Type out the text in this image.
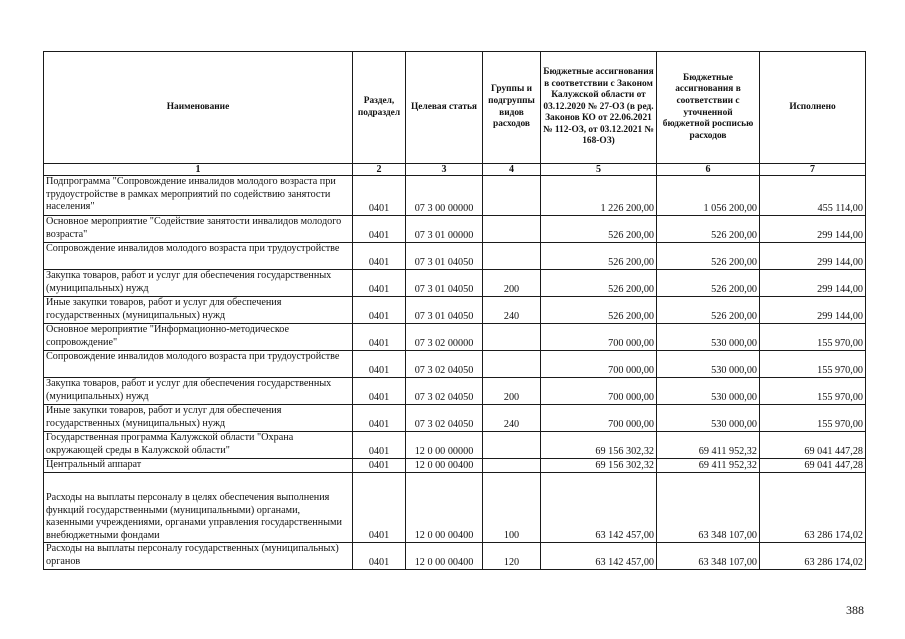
Наименование	Раздел, подраздел	Целевая статья	Группы и подгруппы видов расходов	Бюджетные ассигнования в соответствии с Законом Калужской области от 03.12.2020 № 27-ОЗ (в ред. Законов КО от 22.06.2021 № 112-ОЗ, от 03.12.2021 № 168-ОЗ)	Бюджетные ассигнования в соответствии с уточненной бюджетной росписью расходов	Исполнено
1	2	3	4	5	6	7
Подпрограмма "Сопровождение инвалидов молодого возраста при трудоустройстве в рамках мероприятий по содействию занятости населения"	0401	07 3 00 00000		1 226 200,00	1 056 200,00	455 114,00
Основное мероприятие "Содействие занятости инвалидов молодого возраста"	0401	07 3 01 00000		526 200,00	526 200,00	299 144,00
Сопровождение инвалидов молодого возраста при трудоустройстве	0401	07 3 01 04050		526 200,00	526 200,00	299 144,00
Закупка товаров, работ и услуг для обеспечения государственных (муниципальных) нужд	0401	07 3 01 04050	200	526 200,00	526 200,00	299 144,00
Иные закупки товаров, работ и услуг для обеспечения государственных (муниципальных) нужд	0401	07 3 01 04050	240	526 200,00	526 200,00	299 144,00
Основное мероприятие "Информационно-методическое сопровождение"	0401	07 3 02 00000		700 000,00	530 000,00	155 970,00
Сопровождение инвалидов молодого возраста при трудоустройстве	0401	07 3 02 04050		700 000,00	530 000,00	155 970,00
Закупка товаров, работ и услуг для обеспечения государственных (муниципальных) нужд	0401	07 3 02 04050	200	700 000,00	530 000,00	155 970,00
Иные закупки товаров, работ и услуг для обеспечения государственных (муниципальных) нужд	0401	07 3 02 04050	240	700 000,00	530 000,00	155 970,00
Государственная программа Калужской области "Охрана окружающей среды в Калужской области"	0401	12 0 00 00000		69 156 302,32	69 411 952,32	69 041 447,28
Центральный аппарат	0401	12 0 00 00400		69 156 302,32	69 411 952,32	69 041 447,28
Расходы на выплаты персоналу в целях обеспечения выполнения функций государственными (муниципальными) органами, казенными учреждениями, органами управления государственными внебюджетными фондами	0401	12 0 00 00400	100	63 142 457,00	63 348 107,00	63 286 174,02
Расходы на выплаты персоналу государственных (муниципальных) органов	0401	12 0 00 00400	120	63 142 457,00	63 348 107,00	63 286 174,02
388
